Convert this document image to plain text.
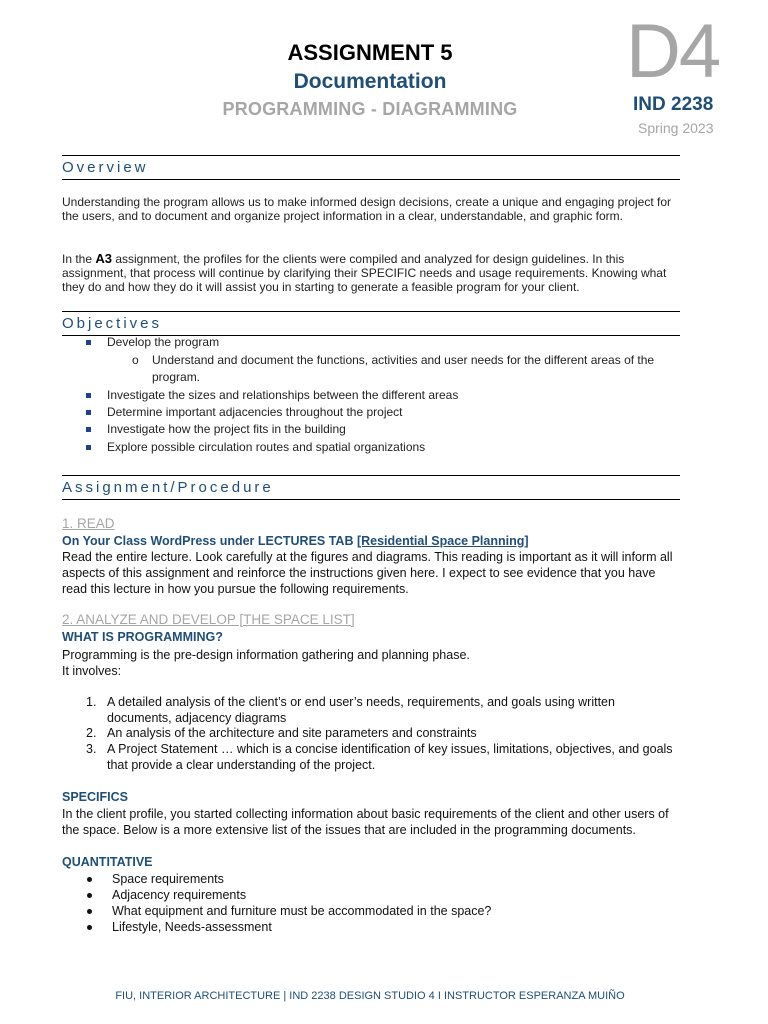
ASSIGNMENT 5
Documentation
PROGRAMMING - DIAGRAMMING
D4
IND 2238
Spring 2023
Overview
Understanding the program allows us to make informed design decisions, create a unique and engaging project for the users, and to document and organize project information in a clear, understandable, and graphic form.
In the A3 assignment, the profiles for the clients were compiled and analyzed for design guidelines. In this assignment, that process will continue by clarifying their SPECIFIC needs and usage requirements. Knowing what they do and how they do it will assist you in starting to generate a feasible program for your client.
Objectives
Develop the program
o Understand and document the functions, activities and user needs for the different areas of the program.
Investigate the sizes and relationships between the different areas
Determine important adjacencies throughout the project
Investigate how the project fits in the building
Explore possible circulation routes and spatial organizations
Assignment/Procedure
1. READ
On Your Class WordPress under LECTURES TAB [Residential Space Planning]
Read the entire lecture. Look carefully at the figures and diagrams. This reading is important as it will inform all aspects of this assignment and reinforce the instructions given here. I expect to see evidence that you have read this lecture in how you pursue the following requirements.
2. ANALYZE AND DEVELOP [THE SPACE LIST]
WHAT IS PROGRAMMING?
Programming is the pre-design information gathering and planning phase.
It involves:
1. A detailed analysis of the client’s or end user’s needs, requirements, and goals using written documents, adjacency diagrams
2. An analysis of the architecture and site parameters and constraints
3. A Project Statement … which is a concise identification of key issues, limitations, objectives, and goals that provide a clear understanding of the project.
SPECIFICS
In the client profile, you started collecting information about basic requirements of the client and other users of the space. Below is a more extensive list of the issues that are included in the programming documents.
QUANTITATIVE
Space requirements
Adjacency requirements
What equipment and furniture must be accommodated in the space?
Lifestyle, Needs-assessment
FIU, INTERIOR ARCHITECTURE | IND 2238 DESIGN STUDIO 4 I INSTRUCTOR ESPERANZA MUIÑO
